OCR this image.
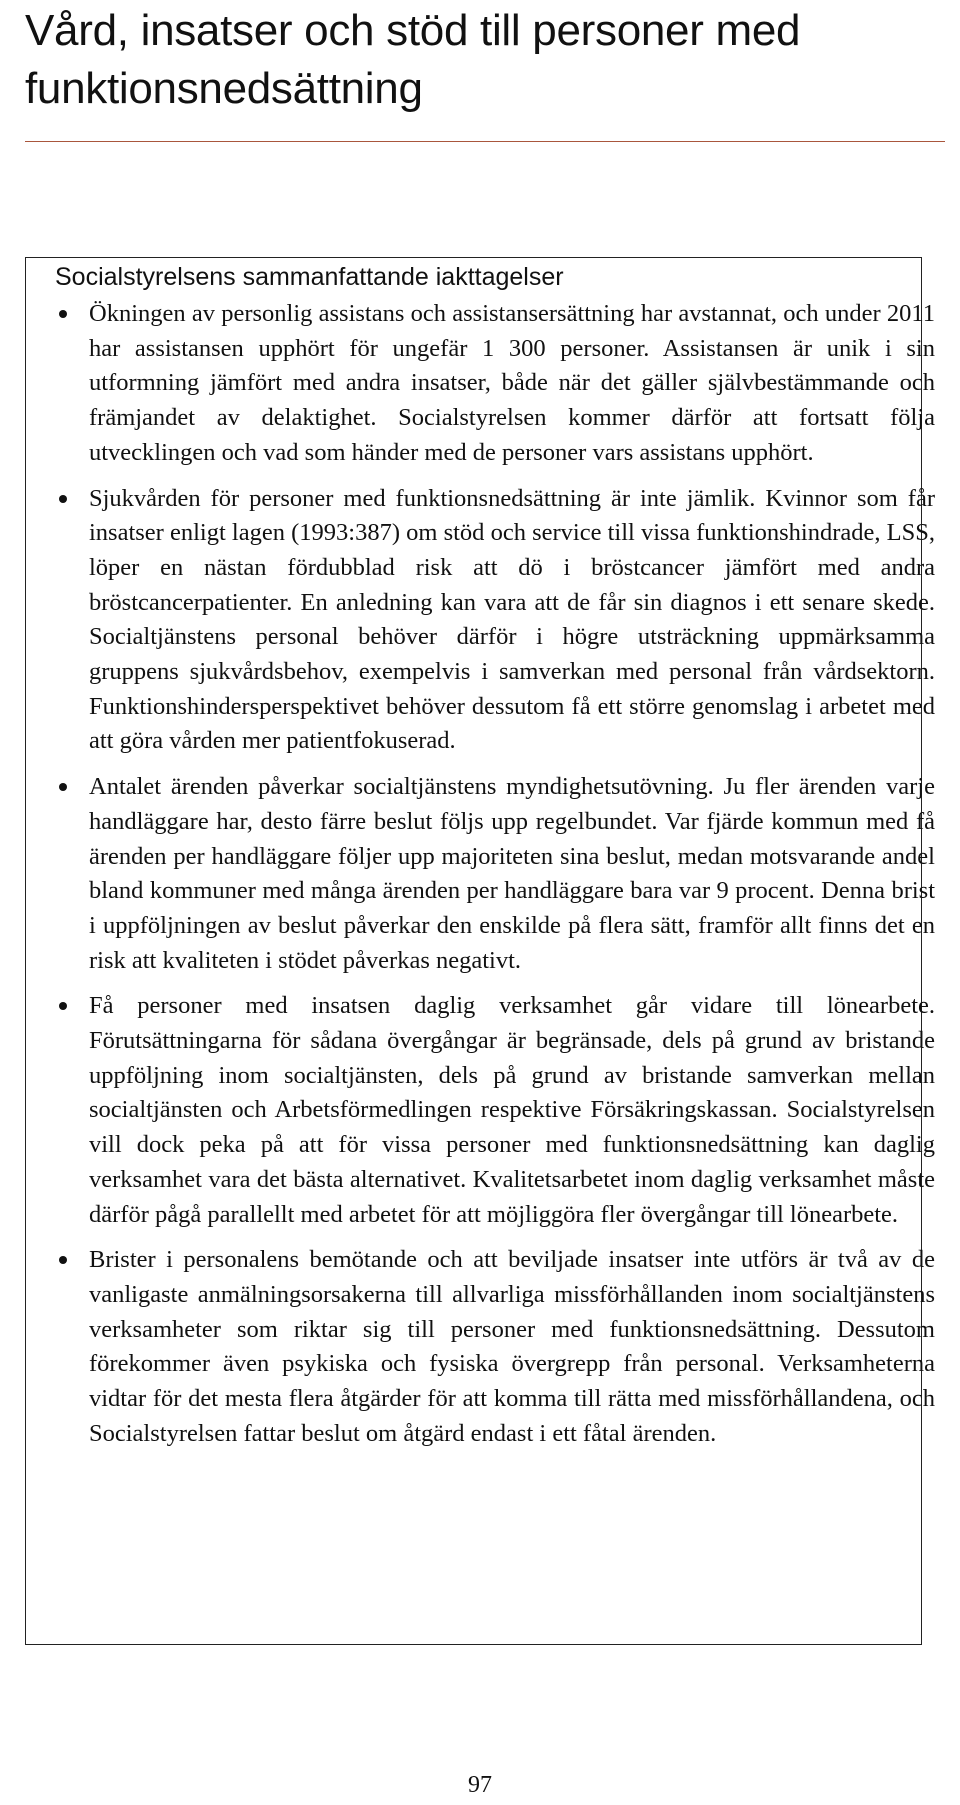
Vård, insatser och stöd till personer med funktionsnedsättning
Socialstyrelsens sammanfattande iakttagelser
Ökningen av personlig assistans och assistansersättning har avstannat, och under 2011 har assistansen upphört för ungefär 1 300 personer. Assistansen är unik i sin utformning jämfört med andra insatser, både när det gäller självbestämmande och främjandet av delaktighet. Socialstyrelsen kommer därför att fortsatt följa utvecklingen och vad som händer med de personer vars assistans upphört.
Sjukvården för personer med funktionsnedsättning är inte jämlik. Kvinnor som får insatser enligt lagen (1993:387) om stöd och service till vissa funktionshindrade, LSS, löper en nästan fördubblad risk att dö i bröstcancer jämfört med andra bröstcancerpatienter. En anledning kan vara att de får sin diagnos i ett senare skede. Socialtjänstens personal behöver därför i högre utsträckning uppmärksamma gruppens sjukvårdsbehov, exempelvis i samverkan med personal från vårdsektorn. Funktionshindersperspektivet behöver dessutom få ett större genomslag i arbetet med att göra vården mer patientfokuserad.
Antalet ärenden påverkar socialtjänstens myndighetsutövning. Ju fler ärenden varje handläggare har, desto färre beslut följs upp regelbundet. Var fjärde kommun med få ärenden per handläggare följer upp majoriteten sina beslut, medan motsvarande andel bland kommuner med många ärenden per handläggare bara var 9 procent. Denna brist i uppföljningen av beslut påverkar den enskilde på flera sätt, framför allt finns det en risk att kvaliteten i stödet påverkas negativt.
Få personer med insatsen daglig verksamhet går vidare till lönearbete. Förutsättningarna för sådana övergångar är begränsade, dels på grund av bristande uppföljning inom socialtjänsten, dels på grund av bristande samverkan mellan socialtjänsten och Arbetsförmedlingen respektive Försäkringskassan. Socialstyrelsen vill dock peka på att för vissa personer med funktionsnedsättning kan daglig verksamhet vara det bästa alternativet. Kvalitetsarbetet inom daglig verksamhet måste därför pågå parallellt med arbetet för att möjliggöra fler övergångar till lönearbete.
Brister i personalens bemötande och att beviljade insatser inte utförs är två av de vanligaste anmälningsorsakerna till allvarliga missförhållanden inom socialtjänstens verksamheter som riktar sig till personer med funktionsnedsättning. Dessutom förekommer även psykiska och fysiska övergrepp från personal. Verksamheterna vidtar för det mesta flera åtgärder för att komma till rätta med missförhållandena, och Socialstyrelsen fattar beslut om åtgärd endast i ett fåtal ärenden.

97
